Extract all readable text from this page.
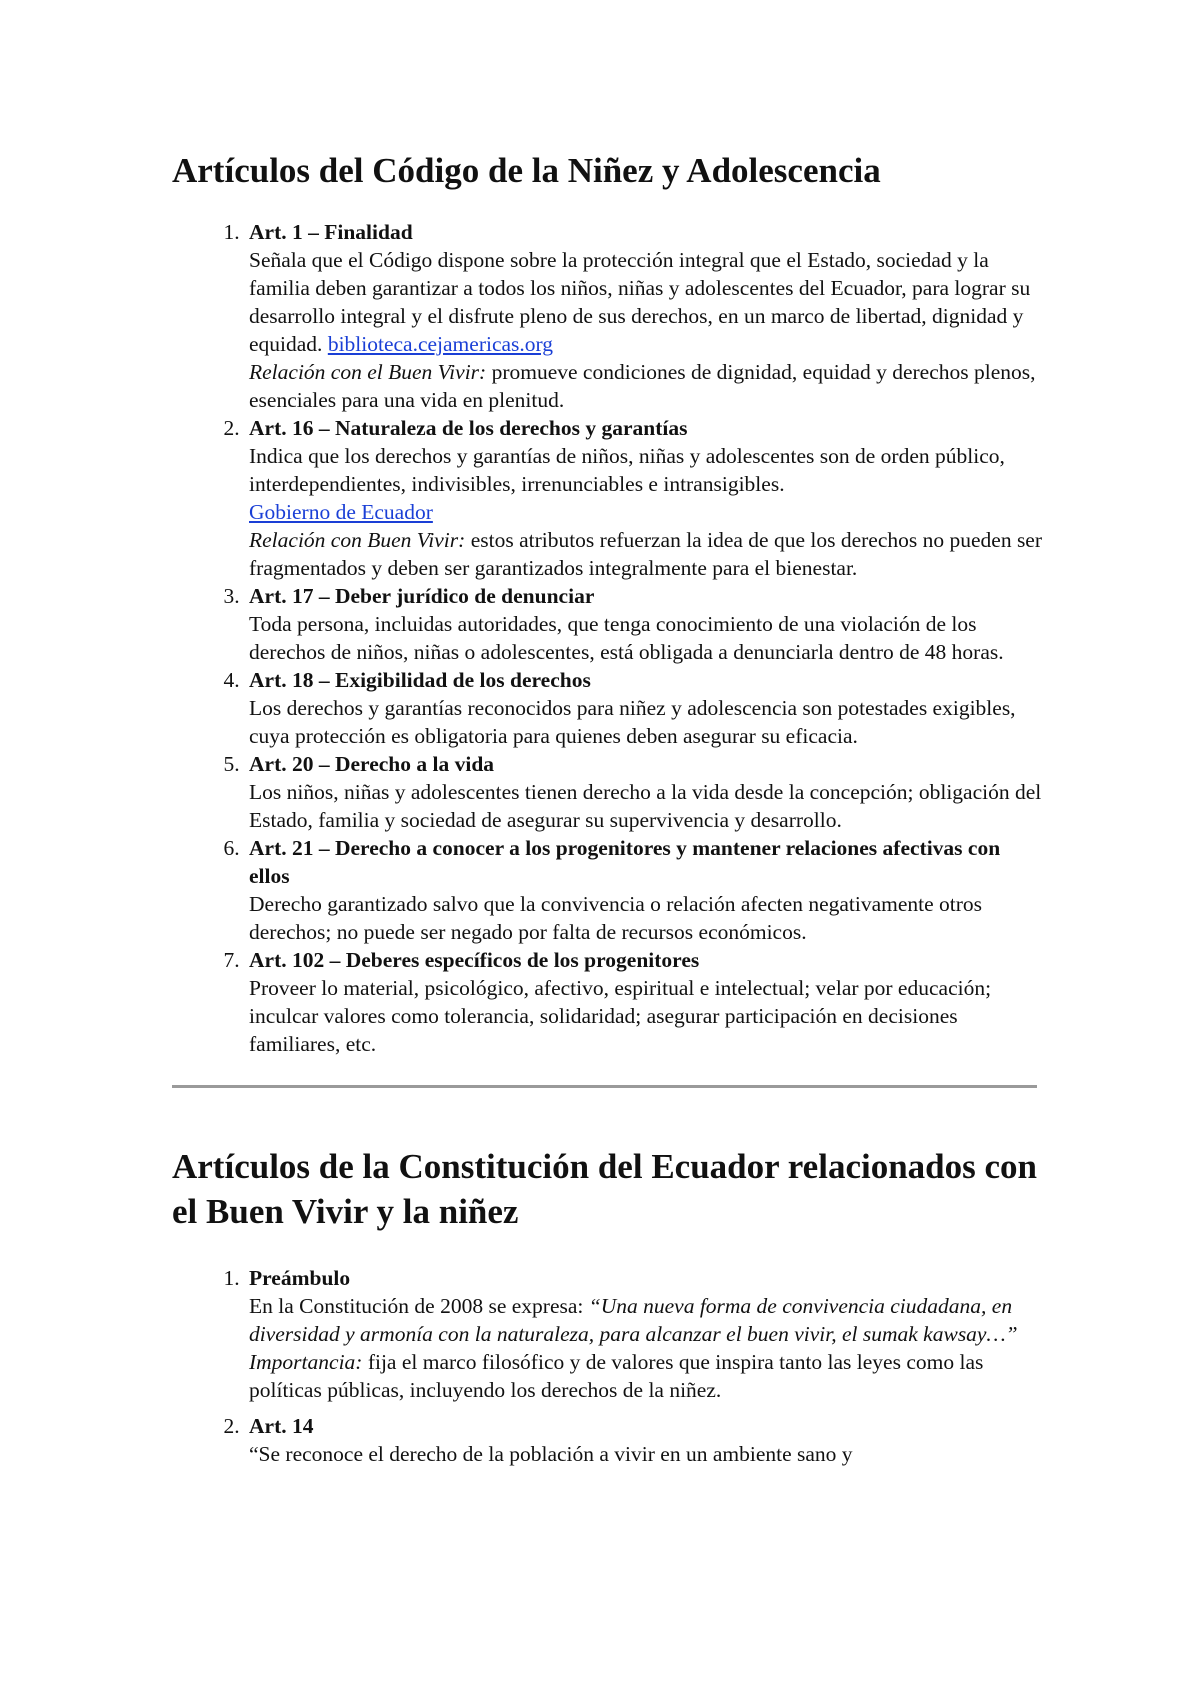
Artículos del Código de la Niñez y Adolescencia
1. Art. 1 – Finalidad
Señala que el Código dispone sobre la protección integral que el Estado, sociedad y la familia deben garantizar a todos los niños, niñas y adolescentes del Ecuador, para lograr su desarrollo integral y el disfrute pleno de sus derechos, en un marco de libertad, dignidad y equidad. biblioteca.cejamericas.org
Relación con el Buen Vivir: promueve condiciones de dignidad, equidad y derechos plenos, esenciales para una vida en plenitud.
2. Art. 16 – Naturaleza de los derechos y garantías
Indica que los derechos y garantías de niños, niñas y adolescentes son de orden público, interdependientes, indivisibles, irrenunciables e intransigibles.
Gobierno de Ecuador
Relación con Buen Vivir: estos atributos refuerzan la idea de que los derechos no pueden ser fragmentados y deben ser garantizados integralmente para el bienestar.
3. Art. 17 – Deber jurídico de denunciar
Toda persona, incluidas autoridades, que tenga conocimiento de una violación de los derechos de niños, niñas o adolescentes, está obligada a denunciarla dentro de 48 horas.
4. Art. 18 – Exigibilidad de los derechos
Los derechos y garantías reconocidos para niñez y adolescencia son potestades exigibles, cuya protección es obligatoria para quienes deben asegurar su eficacia.
5. Art. 20 – Derecho a la vida
Los niños, niñas y adolescentes tienen derecho a la vida desde la concepción; obligación del Estado, familia y sociedad de asegurar su supervivencia y desarrollo.
6. Art. 21 – Derecho a conocer a los progenitores y mantener relaciones afectivas con ellos
Derecho garantizado salvo que la convivencia o relación afecten negativamente otros derechos; no puede ser negado por falta de recursos económicos.
7. Art. 102 – Deberes específicos de los progenitores
Proveer lo material, psicológico, afectivo, espiritual e intelectual; velar por educación; inculcar valores como tolerancia, solidaridad; asegurar participación en decisiones familiares, etc.
Artículos de la Constitución del Ecuador relacionados con el Buen Vivir y la niñez
1. Preámbulo
En la Constitución de 2008 se expresa: “Una nueva forma de convivencia ciudadana, en diversidad y armonía con la naturaleza, para alcanzar el buen vivir, el sumak kawsay…”
Importancia: fija el marco filosófico y de valores que inspira tanto las leyes como las políticas públicas, incluyendo los derechos de la niñez.
2. Art. 14
“Se reconoce el derecho de la población a vivir en un ambiente sano y
